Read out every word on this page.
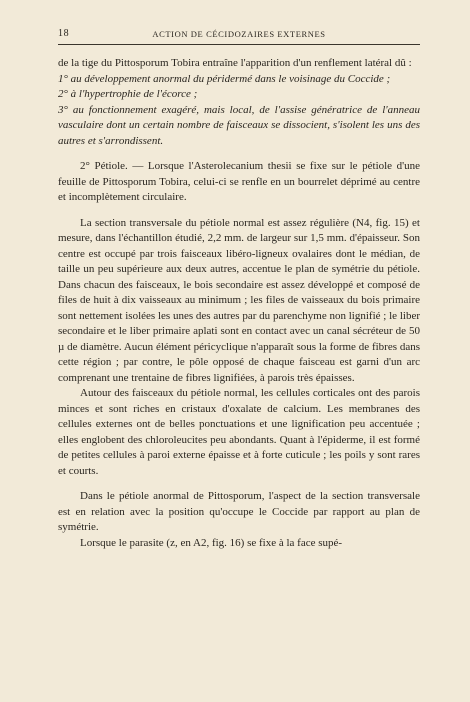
18	ACTION DE CÉCIDOZAIRES EXTERNES

de la tige du Pittosporum Tobira entraîne l'apparition d'un renflement latéral dû :

1° au développement anormal du péridermé dans le voisinage du Coccide ;

2° à l'hypertrophie de l'écorce ;

3° au fonctionnement exagéré, mais local, de l'assise génératrice de l'anneau vasculaire dont un certain nombre de faisceaux se dissocient, s'isolent les uns des autres et s'arrondissent.

2° Pétiole. — Lorsque l'Asterolecanium thesii se fixe sur le pétiole d'une feuille de Pittosporum Tobira, celui-ci se renfle en un bourrelet déprimé au centre et incomplètement circulaire.

La section transversale du pétiole normal est assez régulière (N4, fig. 15) et mesure, dans l'échantillon étudié, 2,2 mm. de largeur sur 1,5 mm. d'épaisseur. Son centre est occupé par trois faisceaux libéro-ligneux ovalaires dont le médian, de taille un peu supérieure aux deux autres, accentue le plan de symétrie du pétiole. Dans chacun des faisceaux, le bois secondaire est assez développé et composé de files de huit à dix vaisseaux au minimum ; les files de vaisseaux du bois primaire sont nettement isolées les unes des autres par du parenchyme non lignifié ; le liber secondaire et le liber primaire aplati sont en contact avec un canal sécréteur de 50 µ de diamètre. Aucun élément péricyclique n'apparaît sous la forme de fibres dans cette région ; par contre, le pôle opposé de chaque faisceau est garni d'un arc comprenant une trentaine de fibres lignifiées, à parois très épaisses.

Autour des faisceaux du pétiole normal, les cellules corticales ont des parois minces et sont riches en cristaux d'oxalate de calcium. Les membranes des cellules externes ont de belles ponctuations et une lignification peu accentuée ; elles englobent des chloroleucites peu abondants. Quant à l'épiderme, il est formé de petites cellules à paroi externe épaisse et à forte cuticule ; les poils y sont rares et courts.

Dans le pétiole anormal de Pittosporum, l'aspect de la section transversale est en relation avec la position qu'occupe le Coccide par rapport au plan de symétrie.

Lorsque le parasite (z, en A2, fig. 16) se fixe à la face supé-
